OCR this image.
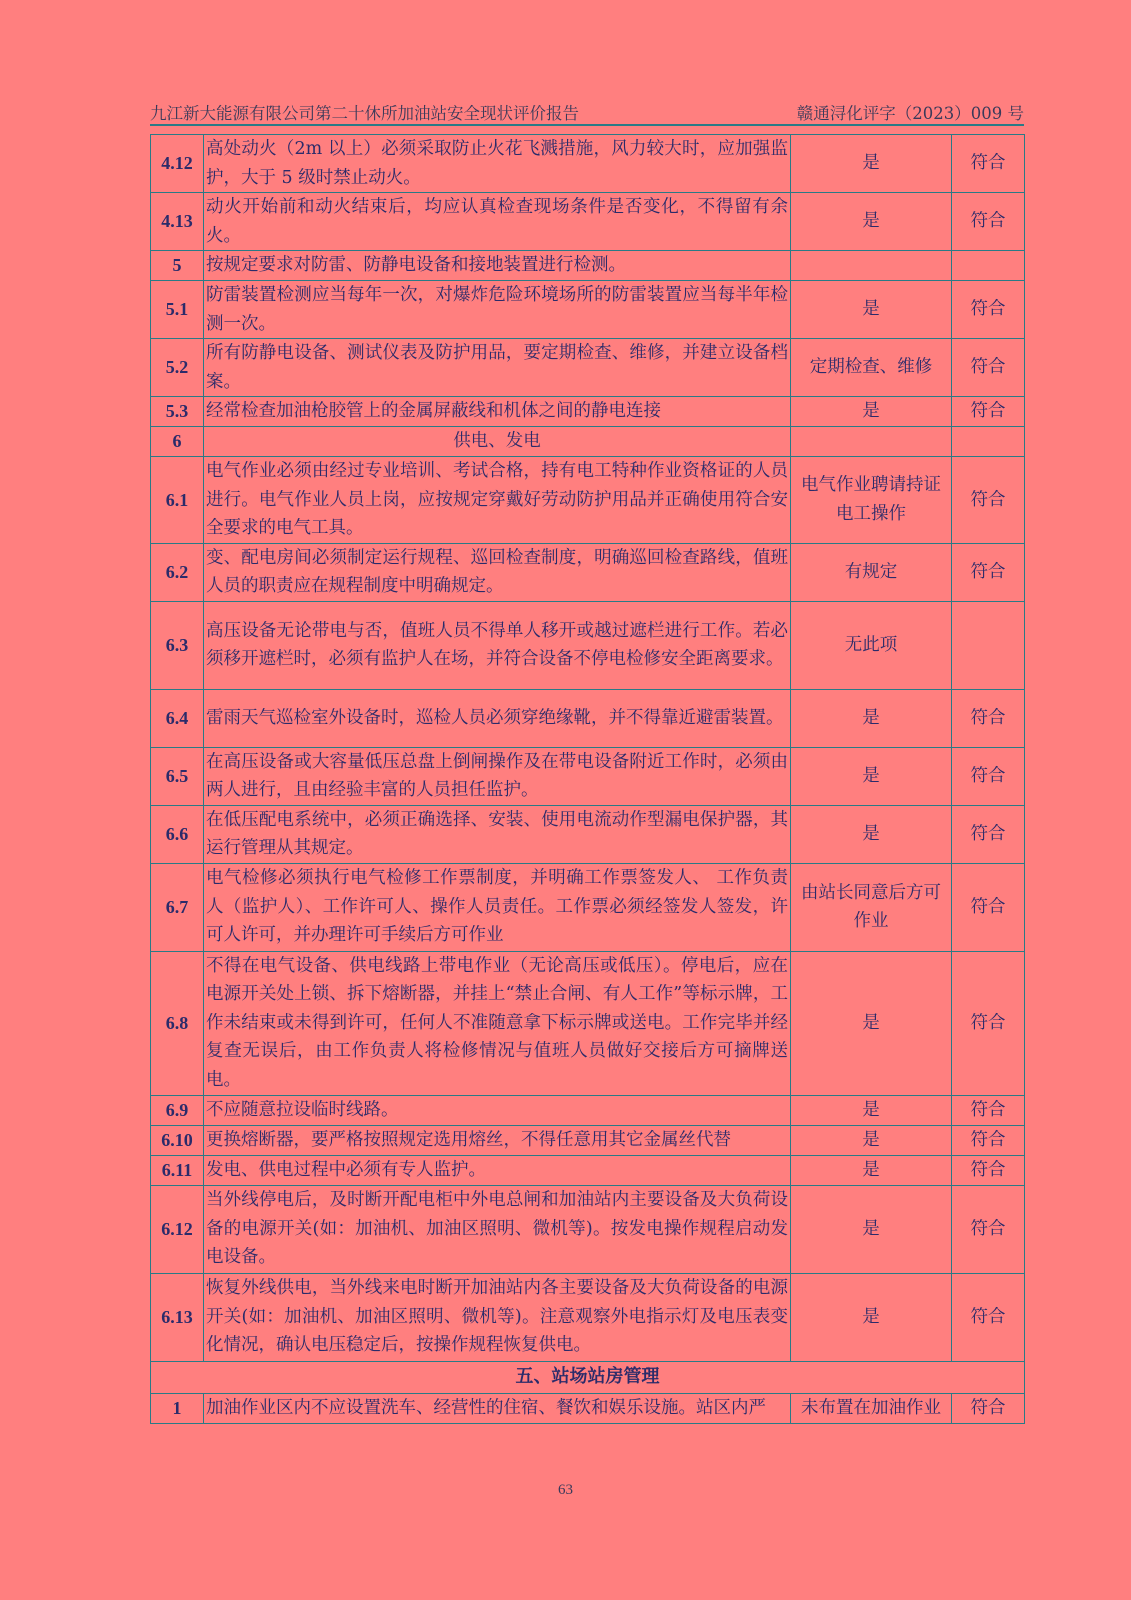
九江新大能源有限公司第二十休所加油站安全现状评价报告	赣通浔化评字（2023）009 号
4.12	高处动火（2m 以上）必须采取防止火花飞溅措施，风力较大时，应加强监护，大于 5 级时禁止动火。	是	符合
4.13	动火开始前和动火结束后，均应认真检查现场条件是否变化，不得留有余火。	是	符合
5	按规定要求对防雷、防静电设备和接地装置进行检测。		
5.1	防雷装置检测应当每年一次，对爆炸危险环境场所的防雷装置应当每半年检测一次。	是	符合
5.2	所有防静电设备、测试仪表及防护用品，要定期检查、维修，并建立设备档案。	定期检查、维修	符合
5.3	经常检查加油枪胶管上的金属屏蔽线和机体之间的静电连接	是	符合
6	供电、发电		
6.1	电气作业必须由经过专业培训、考试合格，持有电工特种作业资格证的人员进行。电气作业人员上岗，应按规定穿戴好劳动防护用品并正确使用符合安全要求的电气工具。	电气作业聘请持证电工操作	符合
6.2	变、配电房间必须制定运行规程、巡回检查制度，明确巡回检查路线，值班人员的职责应在规程制度中明确规定。	有规定	符合
6.3	高压设备无论带电与否，值班人员不得单人移开或越过遮栏进行工作。若必须移开遮栏时，必须有监护人在场，并符合设备不停电检修安全距离要求。	无此项	
6.4	雷雨天气巡检室外设备时，巡检人员必须穿绝缘靴，并不得靠近避雷装置。	是	符合
6.5	在高压设备或大容量低压总盘上倒闸操作及在带电设备附近工作时，必须由两人进行，且由经验丰富的人员担任监护。	是	符合
6.6	在低压配电系统中，必须正确选择、安装、使用电流动作型漏电保护器，其运行管理从其规定。	是	符合
6.7	电气检修必须执行电气检修工作票制度，并明确工作票签发人、 工作负责人（监护人）、工作许可人、操作人员责任。工作票必须经签发人签发，许可人许可，并办理许可手续后方可作业	由站长同意后方可作业	符合
6.8	不得在电气设备、供电线路上带电作业（无论高压或低压）。停电后，应在电源开关处上锁、拆下熔断器，并挂上“禁止合闸、有人工作”等标示牌，工作未结束或未得到许可，任何人不准随意拿下标示牌或送电。工作完毕并经复查无误后，由工作负责人将检修情况与值班人员做好交接后方可摘牌送电。	是	符合
6.9	不应随意拉设临时线路。	是	符合
6.10	更换熔断器，要严格按照规定选用熔丝，不得任意用其它金属丝代替	是	符合
6.11	发电、供电过程中必须有专人监护。	是	符合
6.12	当外线停电后，及时断开配电柜中外电总闸和加油站内主要设备及大负荷设备的电源开关(如：加油机、加油区照明、微机等)。按发电操作规程启动发电设备。	是	符合
6.13	恢复外线供电，当外线来电时断开加油站内各主要设备及大负荷设备的电源开关(如：加油机、加油区照明、微机等)。注意观察外电指示灯及电压表变化情况，确认电压稳定后，按操作规程恢复供电。	是	符合
五、站场站房管理			
1	加油作业区内不应设置洗车、经营性的住宿、餐饮和娱乐设施。站区内严	未布置在加油作业	符合
63
